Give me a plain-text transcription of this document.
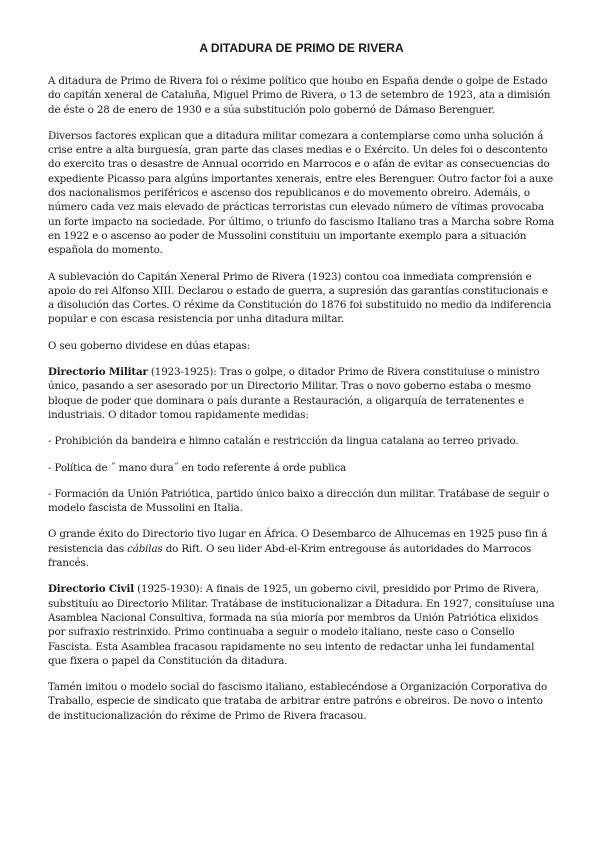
A DITADURA DE PRIMO DE RIVERA

A ditadura de Primo de Rivera foi o réxime político que houbo en España dende o golpe de Estado do capitán xeneral de Cataluña, Miguel Primo de Rivera, o 13 de setembro de 1923, ata a dimisión de éste o 28 de enero de 1930 e a súa substitución polo gobernó de Dámaso Berenguer.

Diversos factores explican que a ditadura militar comezara a contemplarse como unha solución á crise entre a alta burguesía, gran parte das clases medias e o Exército. Un deles foi o descontento do exercito tras o desastre de Annual ocorrido en Marrocos e o afán de evitar as consecuencias do expediente Picasso para algúns importantes xenerais, entre eles Berenguer. Outro factor foi a auxe dos nacionalismos periféricos e ascenso dos republicanos e do movemento obreiro. Ademáis, o número cada vez mais elevado de prácticas terroristas cun elevado número de vítimas provocaba un forte impacto na sociedade. Por último, o triunfo do fascismo Italiano tras a Marcha sobre Roma en 1922 e o ascenso ao poder de Mussolini constituiu un importante exemplo para a situación española do momento.

A sublevación do Capitán Xeneral Primo de Rivera (1923) contou coa inmediata comprensión e apoio do rei Alfonso XIII. Declarou o estado de guerra, a supresión das garantías constitucionais e a disolución das Cortes. O réxime da Constitución do 1876 foi substituido no medio da indiferencia popular e con escasa resistencia por unha ditadura miltar.

O seu goberno dividese en dúas etapas:

Directorio Militar (1923-1925): Tras o golpe, o ditador Primo de Rivera constituiuse o ministro único, pasando a ser asesorado por un Directorio Militar. Tras o novo goberno estaba o mesmo bloque de poder que dominara o país durante a Restauración, a oligarquía de terratenentes e industriais. O ditador tomou rapidamente medidas:

- Prohibición da bandeira e himno catalán e restricción da lingua catalana ao terreo privado.

- Política de ˝ mano dura˝ en todo referente á orde publica

- Formación da Unión Patriótica, partido único baixo a dirección dun militar. Tratábase de seguir o modelo fascista de Mussolini en Italia.

O grande éxito do Directorio tivo lugar en África. O Desembarco de Alhucemas en 1925 puso fin á resistencia das cábilas do Rift. O seu lider Abd-el-Krim entregouse ás autoridades do Marrocos francés.

Directorio Civil (1925-1930): A finais de 1925, un goberno civil, presidido por Primo de Rivera, substituíu ao Directorio Militar. Tratábase de institucionalizar a Ditadura. En 1927, consituíuse una Asamblea Nacional Consultiva, formada na súa mioría por membros da Unión Patriótica elixidos por sufraxio restrinxido. Primo continuaba a seguir o modelo italiano, neste caso o Consello Fascista. Esta Asamblea fracasou rapidamente no seu intento de redactar unha lei fundamental que fixera o papel da Constitución da ditadura.

Tamén imitou o modelo social do fascismo italiano, establecéndose a Organización Corporativa do Traballo, especie de sindicato que trataba de arbitrar entre patróns e obreiros. De novo o intento de institucionalización do réxime de Primo de Rivera fracasou.
